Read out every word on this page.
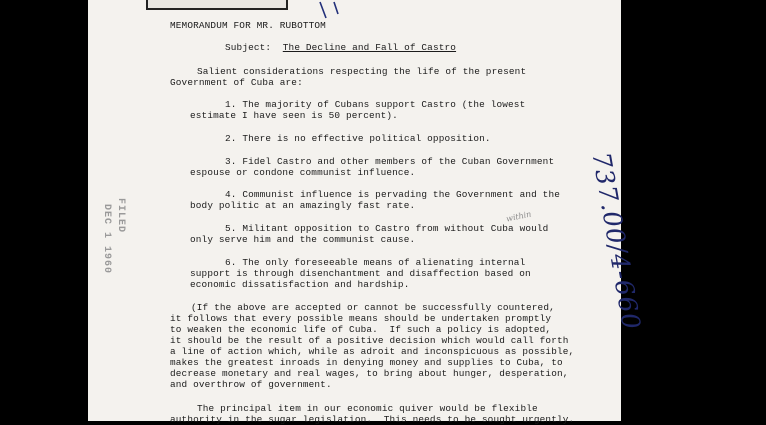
MEMORANDUM FOR MR. RUBOTTOM

Subject: The Decline and Fall of Castro

Salient considerations respecting the life of the present

Government of Cuba are:

1. The majority of Cubans support Castro (the lowest

estimate I have seen is 50 percent).

2. There is no effective political opposition.

3. Fidel Castro and other members of the Cuban Government

espouse or condone communist influence.

4. Communist influence is pervading the Government and the

body politic at an amazingly fast rate.

5. Militant opposition to Castro from without Cuba would

only serve him and the communist cause.

6. The only foreseeable means of alienating internal

support is through disenchantment and disaffection based on

economic dissatisfaction and hardship.

(If the above are accepted or cannot be successfully countered,

it follows that every possible means should be undertaken promptly

to weaken the economic life of Cuba.  If such a policy is adopted,

it should be the result of a positive decision which would call forth

a line of action which, while as adroit and inconspicuous as possible,

makes the greatest inroads in denying money and supplies to Cuba, to

decrease monetary and real wages, to bring about hunger, desperation,

and overthrow of government.

The principal item in our economic quiver would be flexible

authority in the sugar legislation.  This needs to be sought urgently.

FILED
DEC 1 1960	within 737.00/4-660
